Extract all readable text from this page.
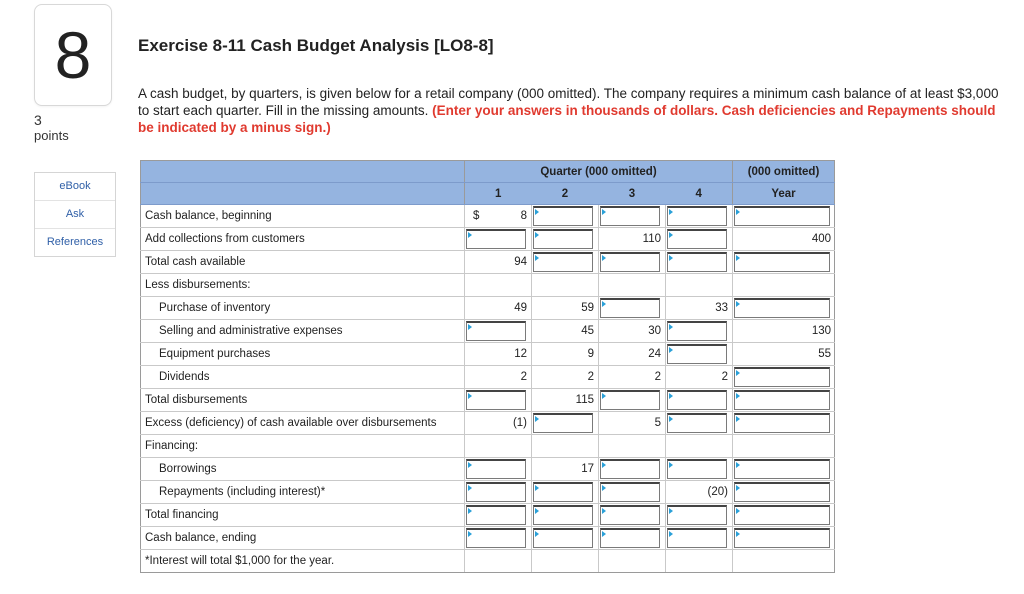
8
3
points
eBook
Ask
References
Exercise 8-11 Cash Budget Analysis [LO8-8]
A cash budget, by quarters, is given below for a retail company (000 omitted). The company requires a minimum cash balance of at least $3,000 to start each quarter. Fill in the missing amounts. (Enter your answers in thousands of dollars. Cash deficiencies and Repayments should be indicated by a minus sign.)
	Quarter (000 omitted)				(000 omitted)
	1	2	3	4	Year
Cash balance, beginning	$ 8	

Add collections from customers			110		400
Total cash available	94	

Less disbursements:					
Purchase of inventory	49	59		33	

Selling and administrative expenses		45	30		130
Equipment purchases	12	9	24		55
Dividends	2	2	2	2	

Total disbursements		115	

Excess (deficiency) of cash available over disbursements	(1)		5	

Financing:					
Borrowings		17	

Repayments (including interest)*				(20)	

Total financing	

Cash balance, ending	

*Interest will total $1,000 for the year.					
